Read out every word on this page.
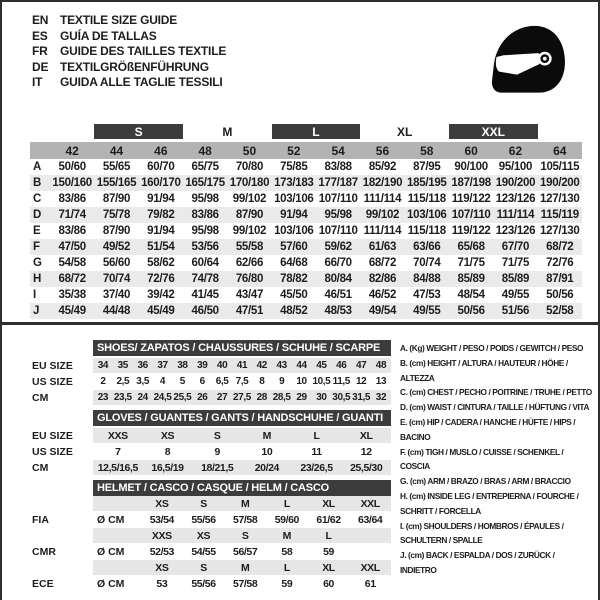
EN TEXTILE SIZE GUIDE
ES	GUÍA DE TALLAS
FR	GUIDE DES TAILLES TEXTILE
DE TEXTILGRÖßENFÜHRUNG
IT	GUIDA ALLE TAGLIE TESSILI
S	M	L	XL	XXL
42	44	46	48	50	52	54	56	58	60	62	64
A	50/60	55/65	60/70	65/75	70/80	75/85	83/88	85/92	87/95	90/100 95/100 105/115
B 150/160 155/165 160/170 165/175 170/180 173/183 177/187 182/190 185/195 187/198 190/200 190/200
C	83/86	87/90	91/94	95/98	99/102 103/106 107/110 111/114 115/118 119/122 123/126 127/130
D	71/74	75/78	79/82	83/86	87/90	91/94	95/98	99/102 103/106 107/110 111/114 115/119
E	83/86	87/90	91/94	95/98	99/102 103/106 107/110 111/114 115/118 119/122 123/126 127/130
F	47/50	49/52	51/54	53/56	55/58	57/60	59/62	61/63	63/66	65/68	67/70	68/72
G	54/58	56/60	58/62	60/64	62/66	64/68	66/70	68/72	70/74	71/75	71/75	72/76
H	68/72	70/74	72/76	74/78	76/80	78/82	80/84	82/86	84/88	85/89	85/89	87/91
I	35/38	37/40	39/42	41/45	43/47	45/50	46/51	46/52	47/53	48/54	49/55	50/56
J	45/49	44/48	45/49	46/50	47/51	48/52	48/53	49/54	49/55	50/56	51/56	52/58
SHOES/ ZAPATOS / CHAUSSURES / SCHUHE / SCARPE
EU SIZE	34 35 36 37 38 39 40 41 42 43 44 45 46 47 48
US SIZE	2	2,5 3,5	4	5	6	6,5 7,5	8	9	10 10,5 11,5 12 13
CM	23 23,5 24 24,5 25,5 26 27 27,5 28 28,5 29 30 30,5 31,5 32
GLOVES / GUANTES / GANTS / HANDSCHUHE / GUANTI
EU SIZE	XXS	XS	S	M	L	XL
US SIZE	7	8	9	10	11	12
CM	12,5/16,5	16,5/19	18/21,5	20/24	23/26,5	25,5/30
HELMET / CASCO / CASQUE / HELM / CASCO
XS	S	M	L	XL	XXL
FIA	Ø CM	53/54	55/56	57/58	59/60	61/62	63/64
XXS	XS	S	M	L
CMR	Ø CM	52/53	54/55	56/57	58	59
XS	S	M	L	XL	XXL
ECE	Ø CM	53	55/56	57/58	59	60	61
A. (Kg) WEIGHT / PESO / POIDS / GEWITCH / PESO
B. (cm) HEIGHT / ALTURA / HAUTEUR / HÖHE / ALTEZZA
C. (cm) CHEST / PECHO / POITRINE / TRUHE / PETTO
D. (cm) WAIST / CINTURA / TAILLE / HÜFTUNG / VITA
E. (cm) HIP / CADERA / HANCHE / HÜFTE / HIPS / BACINO
F. (cm) TIGH / MUSLO / CUISSE / SCHENKEL / COSCIA
G. (cm) ARM / BRAZO / BRAS / ARM / BRACCIO
H. (cm) INSIDE LEG / ENTREPIERNA / FOURCHE / SCHRITT / FORCELLA
I. (cm) SHOULDERS / HOMBROS / ÉPAULES / SCHULTERN / SPALLE
J. (cm) BACK / ESPALDA / DOS / ZURÜCK / INDIETRO
